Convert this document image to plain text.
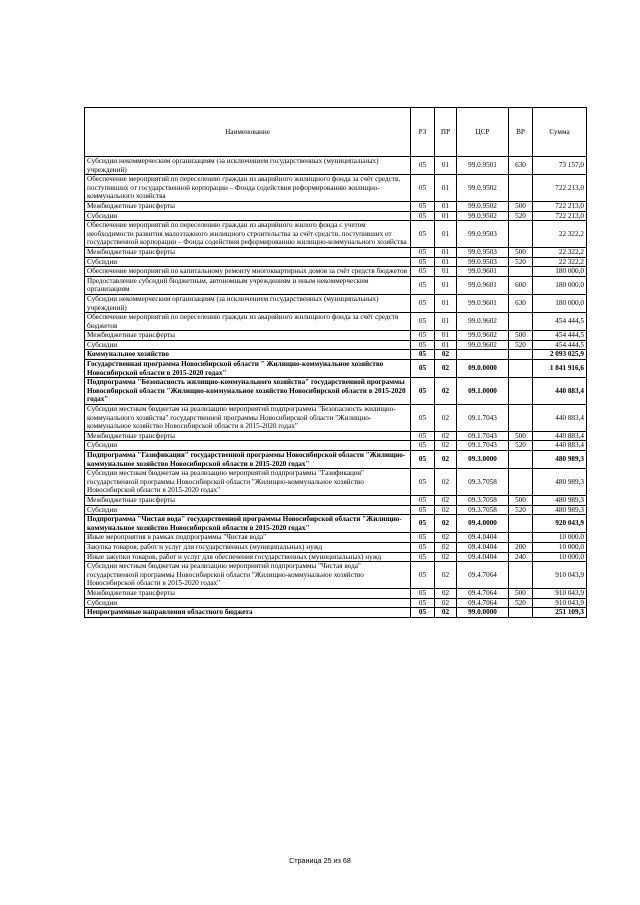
Наименование	РЗ	ПР	ЦСР	ВР	Сумма
Субсидии некоммерческим организациям (за исключением государственных (муниципальных) учреждений)	05	01	99.0.9501	630	73 157,0
Обеспечение мероприятий по переселению граждан из аварийного жилищного фонда за счёт средств, поступивших от государственной корпорации – Фонда содействия реформированию жилищно-коммунального хозяйства	05	01	99.0.9502		722 213,0
Межбюджетные трансферты	05	01	99.0.9502	500	722 213,0
Субсидии	05	01	99.0.9502	520	722 213,0
Обеспечение мероприятий по переселению граждан из аварийного жилого фонда с учетом необходимости развития малоэтажного жилищного строительства за счёт средств, поступивших от государственной корпорации – Фонда содействия реформированию жилищно-коммунального хозяйства	05	01	99.0.9503		22 322,2
Межбюджетные трансферты	05	01	99.0.9503	500	22 322,2
Субсидии	05	01	99.0.9503	520	22 322,2
Обеспечение мероприятий по капитальному ремонту многоквартирных домов за счёт средств бюджетов	05	01	99.0.9601		180 000,0
Предоставление субсидий бюджетным, автономным учреждениям и иным некоммерческим организациям	05	01	99.0.9601	600	180 000,0
Субсидии некоммерческим организациям (за исключением государственных (муниципальных) учреждений)	05	01	99.0.9601	630	180 000,0
Обеспечение мероприятий по переселению граждан из аварийного жилищного фонда за счёт средств бюджетов	05	01	99.0.9602		454 444,5
Межбюджетные трансферты	05	01	99.0.9602	500	454 444,5
Субсидии	05	01	99.0.9602	520	454 444,5
Коммунальное хозяйство	05	02			2 093 025,9
Государственная программа Новосибирской области " Жилищно-коммунальное хозяйство Новосибирской области в 2015-2020 годах"	05	02	09.0.0000		1 841 916,6
Подпрограмма "Безопасность жилищно-коммунального хозяйства" государственной программы Новосибирской области "Жилищно-коммунальное хозяйство Новосибирской области в 2015-2020 годах"	05	02	09.1.0000		440 883,4
Субсидии местным бюджетам на реализацию мероприятий подпрограммы "Безопасность жилищно-коммунального хозяйства" государственной программы Новосибирской области "Жилищно-коммунальное хозяйство Новосибирской области в 2015-2020 годах"	05	02	09.1.7043		440 883,4
Межбюджетные трансферты	05	02	09.1.7043	500	440 883,4
Субсидии	05	02	09.1.7043	520	440 883,4
Подпрограмма "Газификация" государственной программы Новосибирской области "Жилищно-коммунальное хозяйство Новосибирской области в 2015-2020 годах"	05	02	09.3.0000		480 989,3
Субсидии местным бюджетам на реализацию мероприятий подпрограммы "Газификация" государственной программы Новосибирской области "Жилищно-коммунальное хозяйство Новосибирской области в 2015-2020 годах"	05	02	09.3.7058		480 989,3
Межбюджетные трансферты	05	02	09.3.7058	500	480 989,3
Субсидии	05	02	09.3.7058	520	480 989,3
Подпрограмма "Чистая вода" государственной программы Новосибирской области "Жилищно-коммунальное хозяйство Новосибирской области в 2015-2020 годах"	05	02	09.4.0000		920 043,9
Иные мероприятия в рамках подпрограммы "Чистая вода"	05	02	09.4.0404		10 000,0
Закупка товаров, работ и услуг для государственных (муниципальных) нужд	05	02	09.4.0404	200	10 000,0
Иные закупки товаров, работ и услуг для обеспечения государственных (муниципальных) нужд	05	02	09.4.0404	240	10 000,0
Субсидии местным бюджетам на реализацию мероприятий подпрограммы "Чистая вода" государственной программы Новосибирской области "Жилищно-коммунальное хозяйство Новосибирской области в 2015-2020 годах"	05	02	09.4.7064		910 043,9
Межбюджетные трансферты	05	02	09.4.7064	500	910 043,9
Субсидии	05	02	09.4.7064	520	910 043,9
Непрограммные направления областного бюджета	05	02	99.0.0000		251 109,3
Страница 25 из 68
